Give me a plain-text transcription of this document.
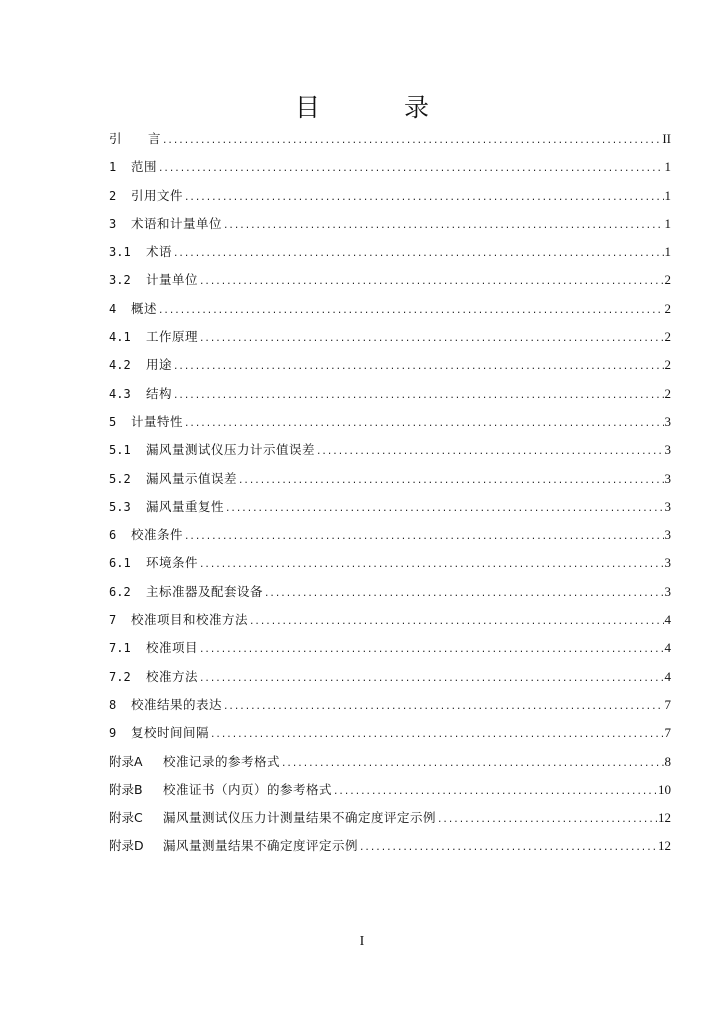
目 录
引　　言 .....	II
1	范围 .....	1
2	引用文件 .....	1
3	术语和计量单位 .....	1
3.1	术语 .....	1
3.2	计量单位 .....	2
4	概述 .....	2
4.1	工作原理 .....	2
4.2	用途 .....	2
4.3	结构 .....	2
5	计量特性 .....	3
5.1	漏风量测试仪压力计示值误差 .....	3
5.2	漏风量示值误差 .....	3
5.3	漏风量重复性 .....	3
6	校准条件 .....	3
6.1	环境条件 .....	3
6.2	主标准器及配套设备 .....	3
7	校准项目和校准方法 .....	4
7.1	校准项目 .....	4
7.2	校准方法 .....	4
8	校准结果的表达 .....	7
9	复校时间间隔 .....	7
附录A	校准记录的参考格式 .....	8
附录B	校准证书（内页）的参考格式 .....	10
附录C	漏风量测试仪压力计测量结果不确定度评定示例 .....	12
附录D	漏风量测量结果不确定度评定示例 .....	12
I
